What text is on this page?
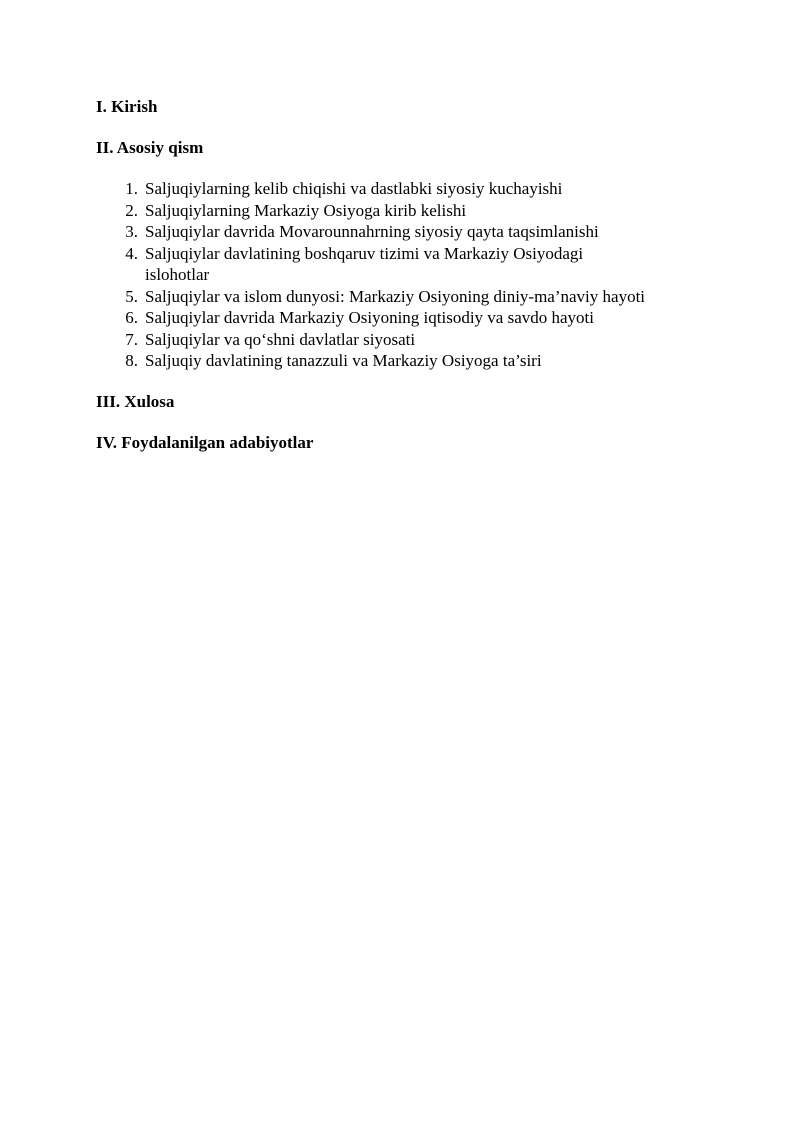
I. Kirish

II. Asosiy qism

1. Saljuqiylarning kelib chiqishi va dastlabki siyosiy kuchayishi
2. Saljuqiylarning Markaziy Osiyoga kirib kelishi
3. Saljuqiylar davrida Movarounnahrning siyosiy qayta taqsimlanishi
4. Saljuqiylar davlatining boshqaruv tizimi va Markaziy Osiyodagi islohotlar
5. Saljuqiylar va islom dunyosi: Markaziy Osiyoning diniy-ma’naviy hayoti
6. Saljuqiylar davrida Markaziy Osiyoning iqtisodiy va savdo hayoti
7. Saljuqiylar va qo‘shni davlatlar siyosati
8. Saljuqiy davlatining tanazzuli va Markaziy Osiyoga ta’siri

III. Xulosa

IV. Foydalanilgan adabiyotlar
